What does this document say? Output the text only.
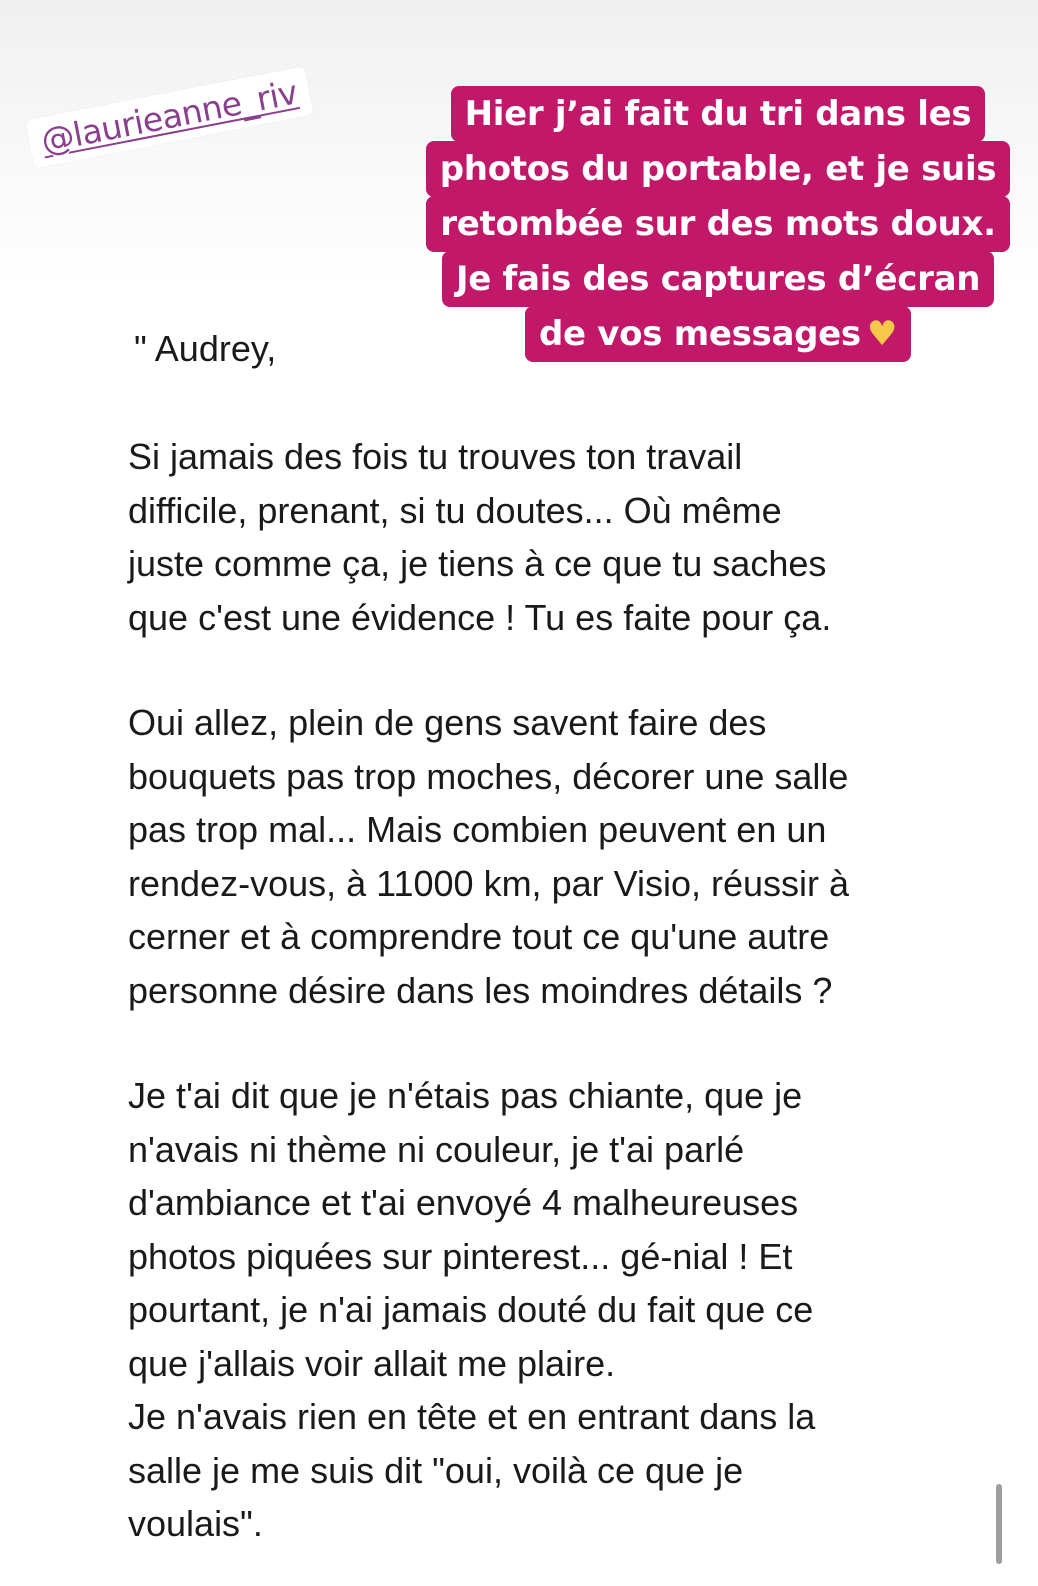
@laurieanne_riv	Hier j’ai fait du tri dans les
photos du portable, et je suis
retombée sur des mots doux.
Je fais des captures d’écran
de vos messages ♥
" Audrey,
Si jamais des fois tu trouves ton travail
difficile, prenant, si tu doutes... Où même
juste comme ça, je tiens à ce que tu saches
que c'est une évidence ! Tu es faite pour ça.
Oui allez, plein de gens savent faire des
bouquets pas trop moches, décorer une salle
pas trop mal... Mais combien peuvent en un
rendez-vous, à 11000 km, par Visio, réussir à
cerner et à comprendre tout ce qu'une autre
personne désire dans les moindres détails ?
Je t'ai dit que je n'étais pas chiante, que je
n'avais ni thème ni couleur, je t'ai parlé
d'ambiance et t'ai envoyé 4 malheureuses
photos piquées sur pinterest... gé-nial ! Et
pourtant, je n'ai jamais douté du fait que ce
que j'allais voir allait me plaire.
Je n'avais rien en tête et en entrant dans la
salle je me suis dit "oui, voilà ce que je
voulais".
